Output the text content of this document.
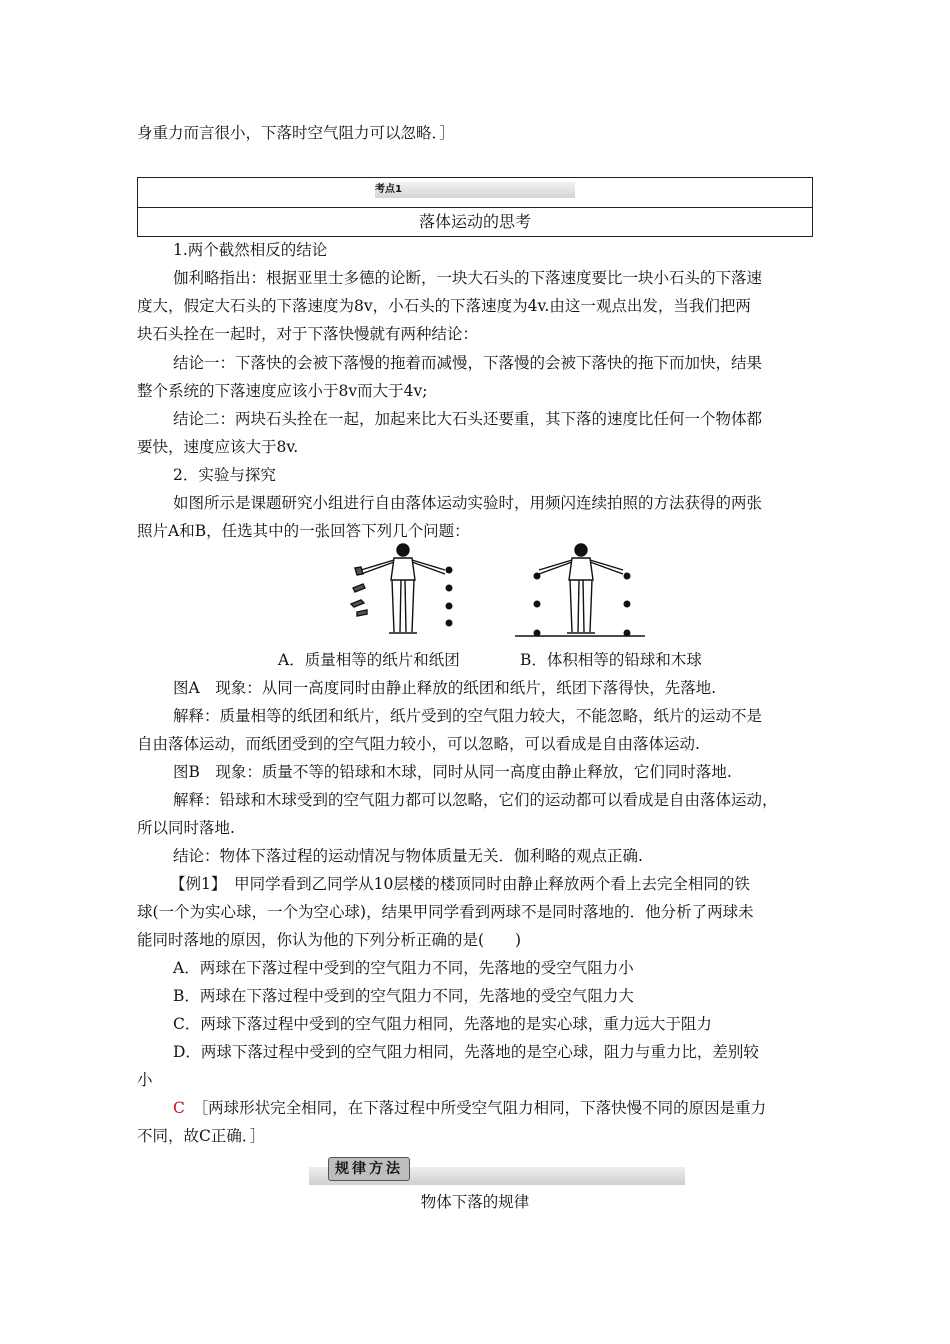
身重力而言很小，下落时空气阻力可以忽略．］
考点1
落体运动的思考
1.两个截然相反的结论
伽利略指出：根据亚里士多德的论断，一块大石头的下落速度要比一块小石头的下落速
度大，假定大石头的下落速度为8v，小石头的下落速度为4v.由这一观点出发，当我们把两
块石头拴在一起时，对于下落快慢就有两种结论：
结论一：下落快的会被下落慢的拖着而减慢，下落慢的会被下落快的拖下而加快，结果
整个系统的下落速度应该小于8v而大于4v;
结论二：两块石头拴在一起，加起来比大石头还要重，其下落的速度比任何一个物体都
要快，速度应该大于8v.
2．实验与探究
如图所示是课题研究小组进行自由落体运动实验时，用频闪连续拍照的方法获得的两张
照片A和B，任选其中的一张回答下列几个问题：
A．质量相等的纸片和纸团	B．体积相等的铅球和木球
图A　现象：从同一高度同时由静止释放的纸团和纸片，纸团下落得快，先落地.
解释：质量相等的纸团和纸片，纸片受到的空气阻力较大，不能忽略，纸片的运动不是
自由落体运动，而纸团受到的空气阻力较小，可以忽略，可以看成是自由落体运动.
图B　现象：质量不等的铅球和木球，同时从同一高度由静止释放，它们同时落地.
解释：铅球和木球受到的空气阻力都可以忽略，它们的运动都可以看成是自由落体运动，
所以同时落地.
结论：物体下落过程的运动情况与物体质量无关．伽利略的观点正确.
【例1】　甲同学看到乙同学从10层楼的楼顶同时由静止释放两个看上去完全相同的铁
球(一个为实心球，一个为空心球)，结果甲同学看到两球不是同时落地的．他分析了两球未
能同时落地的原因，你认为他的下列分析正确的是(　　)
A．两球在下落过程中受到的空气阻力不同，先落地的受空气阻力小
B．两球在下落过程中受到的空气阻力不同，先落地的受空气阻力大
C．两球下落过程中受到的空气阻力相同，先落地的是实心球，重力远大于阻力
D．两球下落过程中受到的空气阻力相同，先落地的是空心球，阻力与重力比，差别较
小
C　 ［两球形状完全相同，在下落过程中所受空气阻力相同，下落快慢不同的原因是重力
不同，故C正确．］
规律方法
物体下落的规律
